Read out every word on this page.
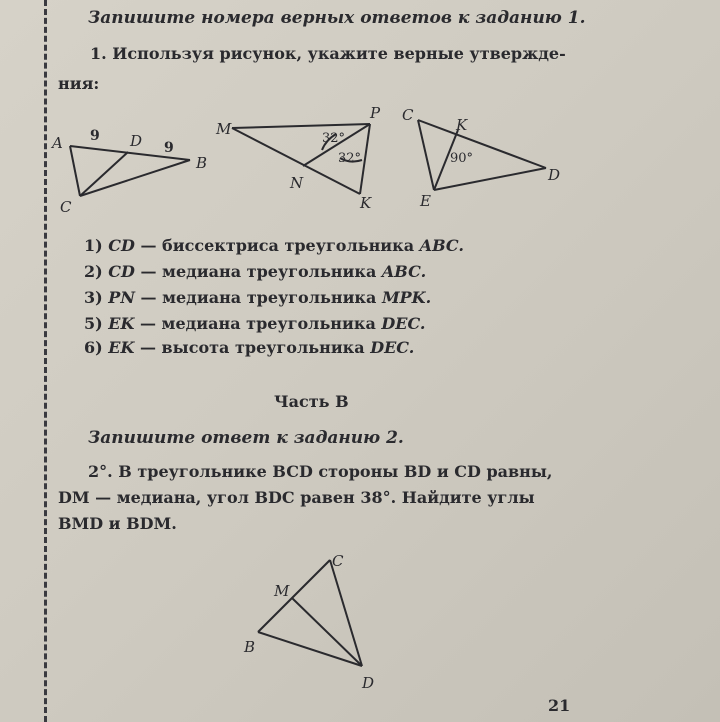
Запишите номера верных ответов к заданию 1.
1. Используя рисунок, укажите верные утвержде-
ния:
A 9 D 9
B
C
M
P
32°
32°
N
K
C
K
90°
D
E
C
M
B
D
1) CD — биссектриса треугольника ABC.
2) CD — медиана треугольника ABC.
3) PN — медиана треугольника MPK.
5) EK — медиана треугольника DEC.
6) EK — высота треугольника DEC.
Часть В
Запишите ответ к заданию 2.
2°. В треугольнике BCD стороны BD и CD равны,
DM — медиана, угол BDC равен 38°. Найдите углы
BMD и BDM.
21
